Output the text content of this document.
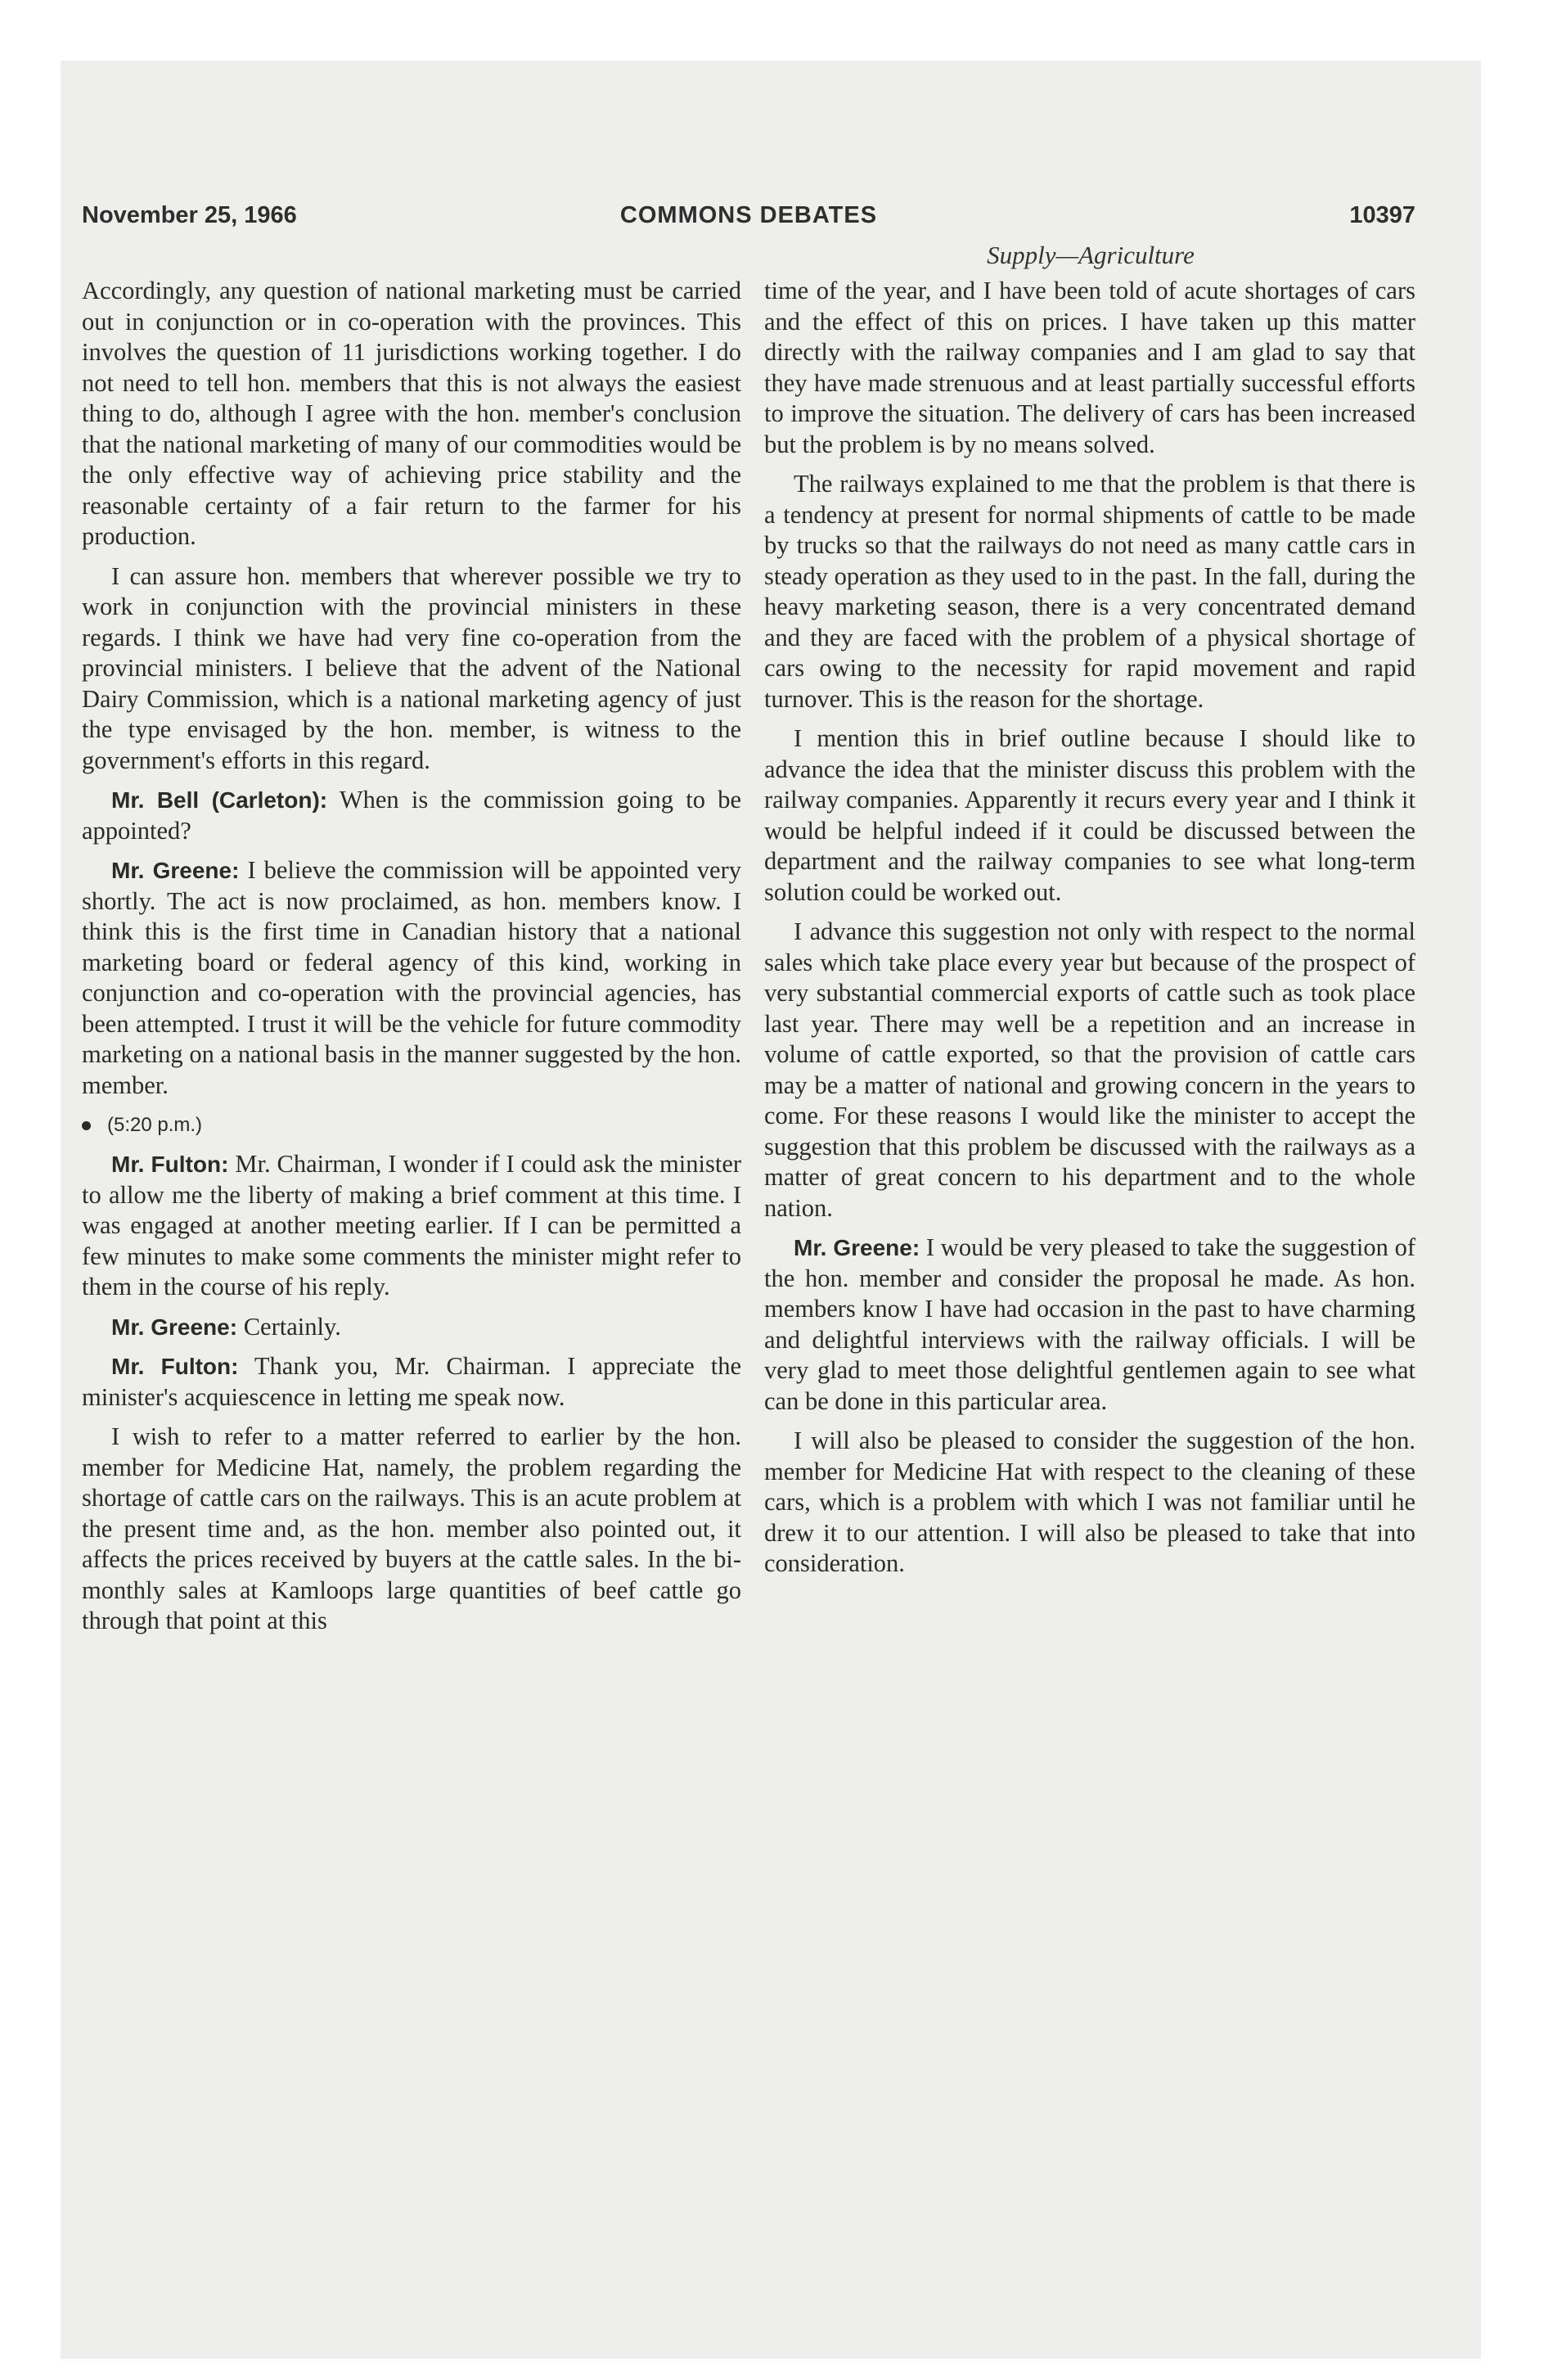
November 25, 1966	COMMONS DEBATES	10397
Supply—Agriculture

Accordingly, any question of national marketing must be carried out in conjunction or in co-operation with the provinces. This involves the question of 11 jurisdictions working together. I do not need to tell hon. members that this is not always the easiest thing to do, although I agree with the hon. member's conclusion that the national marketing of many of our commodities would be the only effective way of achieving price stability and the reasonable certainty of a fair return to the farmer for his production.

I can assure hon. members that wherever possible we try to work in conjunction with the provincial ministers in these regards. I think we have had very fine co-operation from the provincial ministers. I believe that the advent of the National Dairy Commission, which is a national marketing agency of just the type envisaged by the hon. member, is witness to the government's efforts in this regard.

Mr. Bell (Carleton): When is the commission going to be appointed?

Mr. Greene: I believe the commission will be appointed very shortly. The act is now proclaimed, as hon. members know. I think this is the first time in Canadian history that a national marketing board or federal agency of this kind, working in conjunction and co-operation with the provincial agencies, has been attempted. I trust it will be the vehicle for future commodity marketing on a national basis in the manner suggested by the hon. member.

(5:20 p.m.)

Mr. Fulton: Mr. Chairman, I wonder if I could ask the minister to allow me the liberty of making a brief comment at this time. I was engaged at another meeting earlier. If I can be permitted a few minutes to make some comments the minister might refer to them in the course of his reply.

Mr. Greene: Certainly.

Mr. Fulton: Thank you, Mr. Chairman. I appreciate the minister's acquiescence in letting me speak now.

I wish to refer to a matter referred to earlier by the hon. member for Medicine Hat, namely, the problem regarding the shortage of cattle cars on the railways. This is an acute problem at the present time and, as the hon. member also pointed out, it affects the prices received by buyers at the cattle sales. In the bi-monthly sales at Kamloops large quantities of beef cattle go through that point at this

time of the year, and I have been told of acute shortages of cars and the effect of this on prices. I have taken up this matter directly with the railway companies and I am glad to say that they have made strenuous and at least partially successful efforts to improve the situation. The delivery of cars has been increased but the problem is by no means solved.

The railways explained to me that the problem is that there is a tendency at present for normal shipments of cattle to be made by trucks so that the railways do not need as many cattle cars in steady operation as they used to in the past. In the fall, during the heavy marketing season, there is a very concentrated demand and they are faced with the problem of a physical shortage of cars owing to the necessity for rapid movement and rapid turnover. This is the reason for the shortage.

I mention this in brief outline because I should like to advance the idea that the minister discuss this problem with the railway companies. Apparently it recurs every year and I think it would be helpful indeed if it could be discussed between the department and the railway companies to see what long-term solution could be worked out.

I advance this suggestion not only with respect to the normal sales which take place every year but because of the prospect of very substantial commercial exports of cattle such as took place last year. There may well be a repetition and an increase in volume of cattle exported, so that the provision of cattle cars may be a matter of national and growing concern in the years to come. For these reasons I would like the minister to accept the suggestion that this problem be discussed with the railways as a matter of great concern to his department and to the whole nation.

Mr. Greene: I would be very pleased to take the suggestion of the hon. member and consider the proposal he made. As hon. members know I have had occasion in the past to have charming and delightful interviews with the railway officials. I will be very glad to meet those delightful gentlemen again to see what can be done in this particular area.

I will also be pleased to consider the suggestion of the hon. member for Medicine Hat with respect to the cleaning of these cars, which is a problem with which I was not familiar until he drew it to our attention. I will also be pleased to take that into consideration.
